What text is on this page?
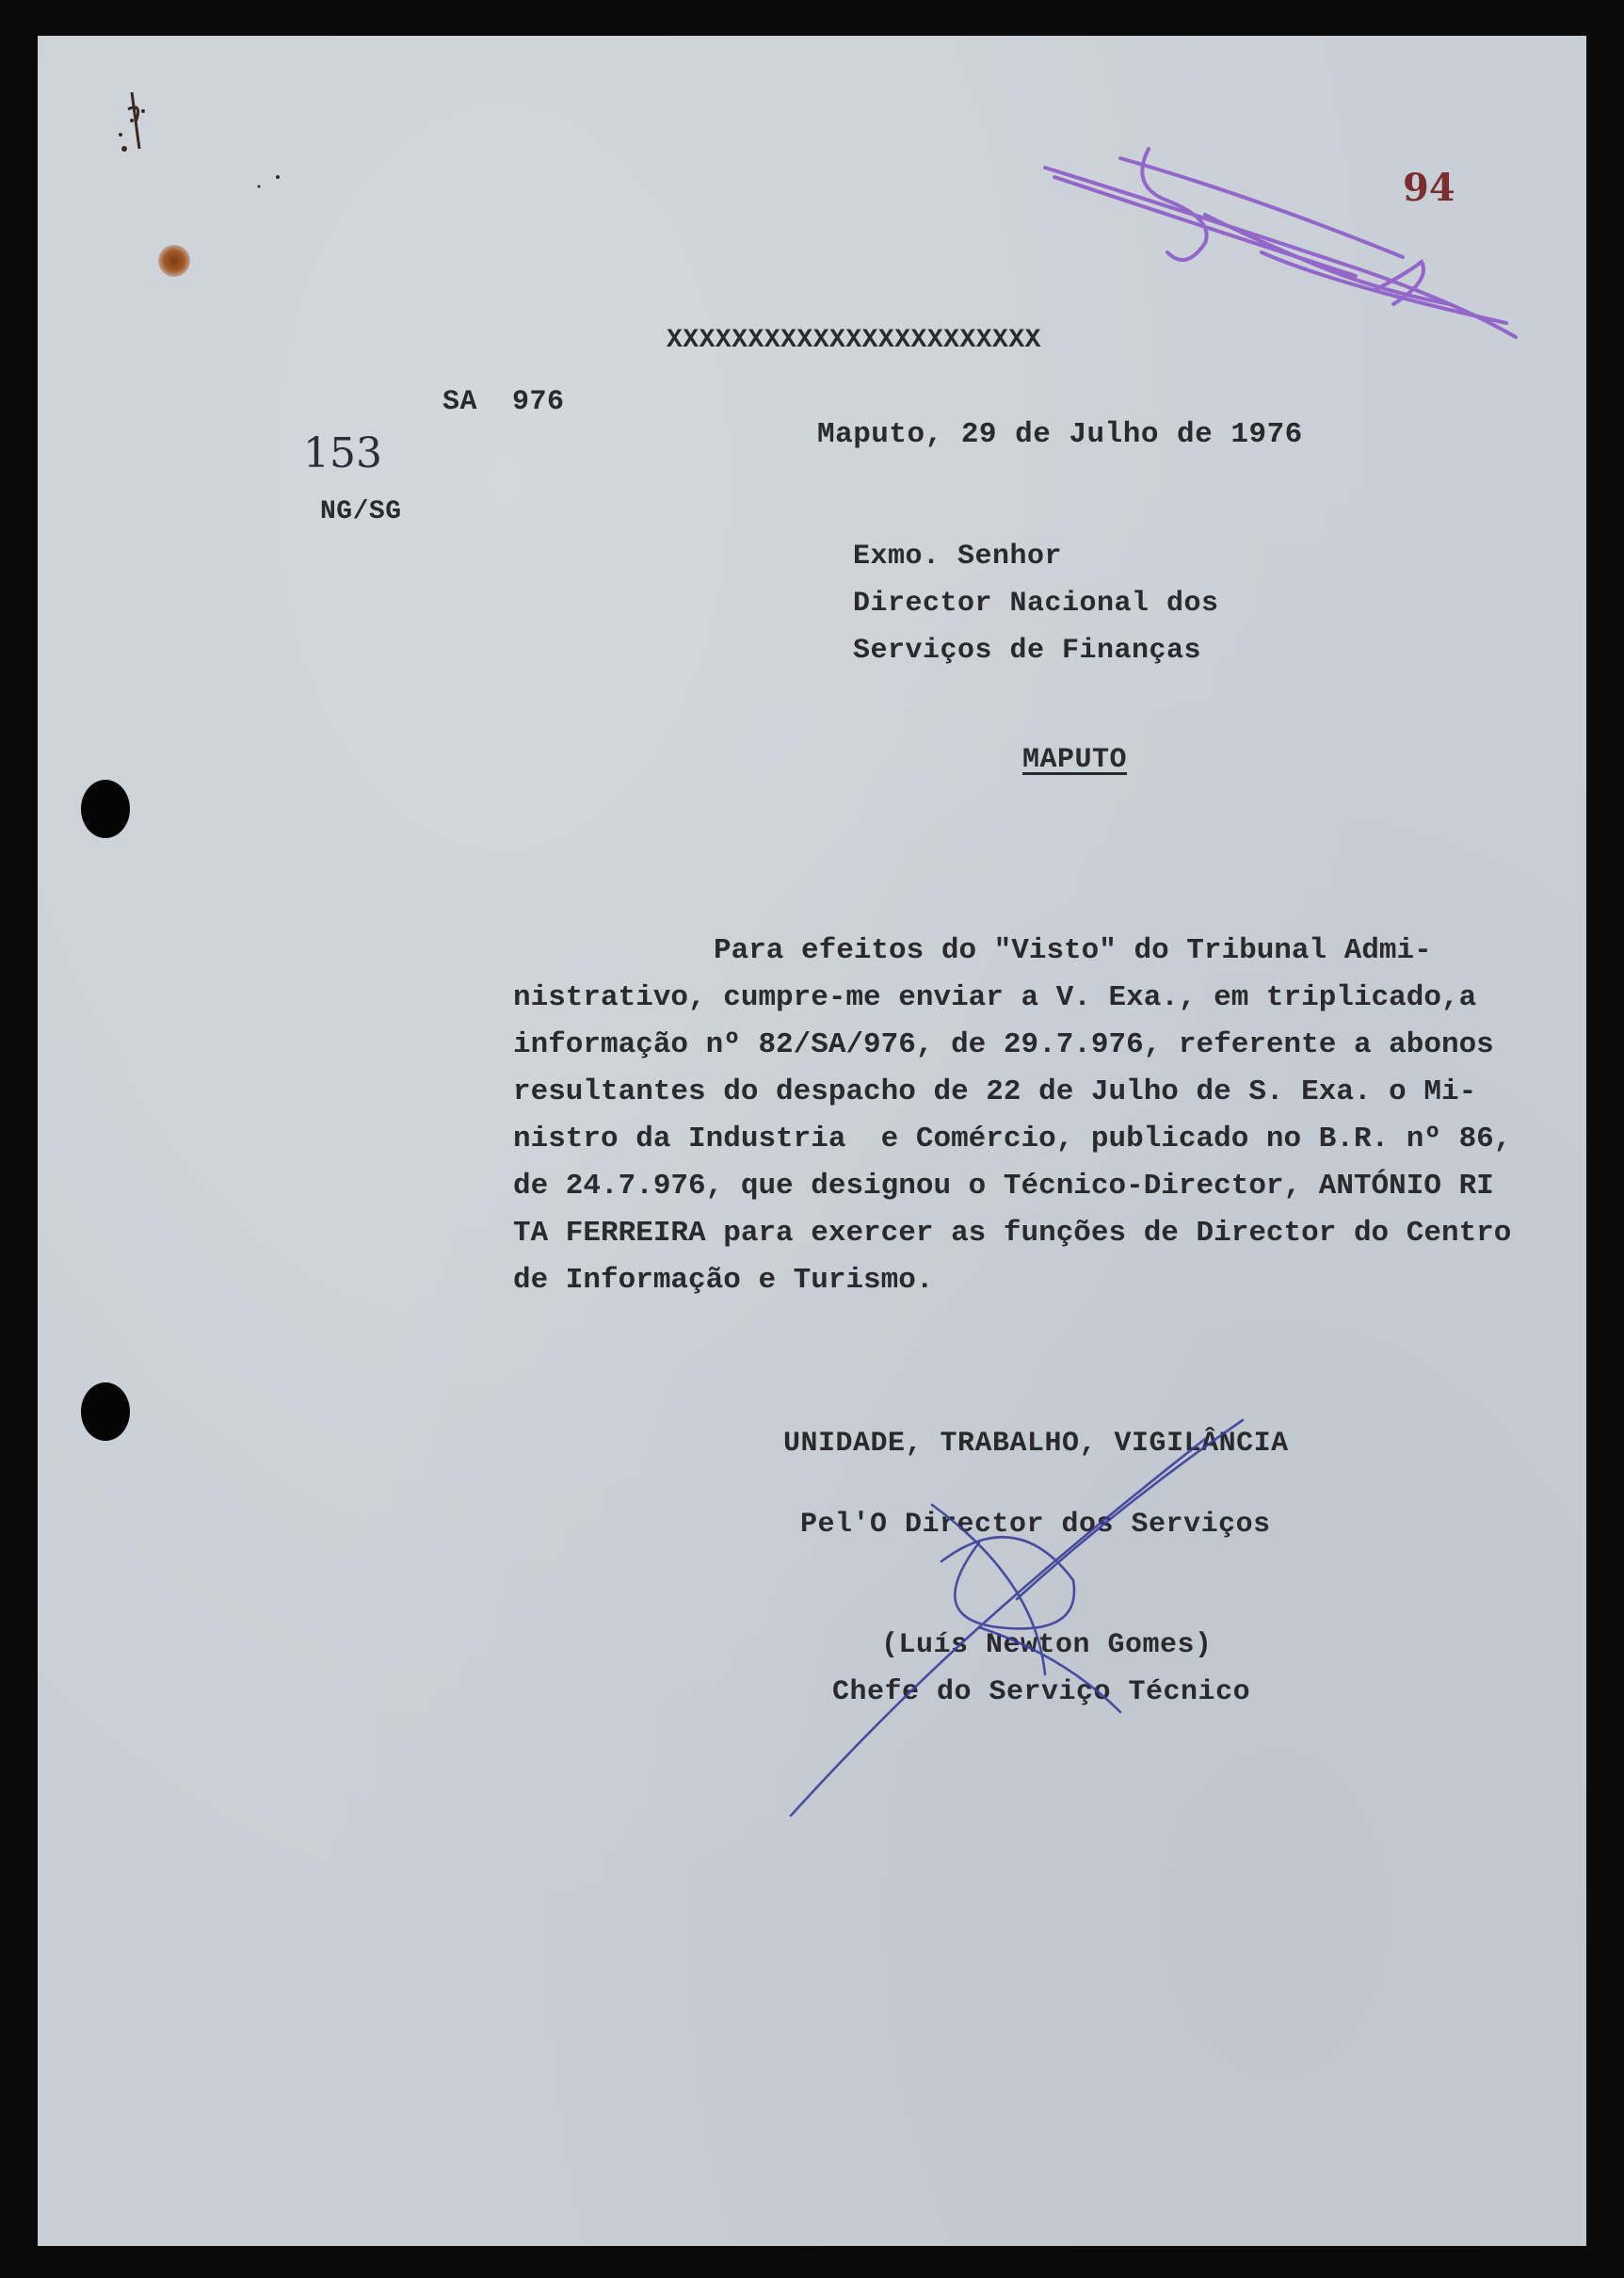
XXXXXXXXXXXXXXXXXXXXXXX
SA  976
153
NG/SG
Maputo, 29 de Julho de 1976
94
Exmo. Senhor
Director Nacional dos
Serviços de Finanças
MAPUTO
Para efeitos do "Visto" do Tribunal Admi-
nistrativo, cumpre-me enviar a V. Exa., em triplicado,a
informação nº 82/SA/976, de 29.7.976, referente a abonos
resultantes do despacho de 22 de Julho de S. Exa. o Mi-
nistro da Industria  e Comércio, publicado no B.R. nº 86,
de 24.7.976, que designou o Técnico-Director, ANTÓNIO RI
TA FERREIRA para exercer as funções de Director do Centro
de Informação e Turismo.
UNIDADE, TRABALHO, VIGILÂNCIA
Pel'O Director dos Serviços
(Luís Newton Gomes)
Chefe do Serviço Técnico
